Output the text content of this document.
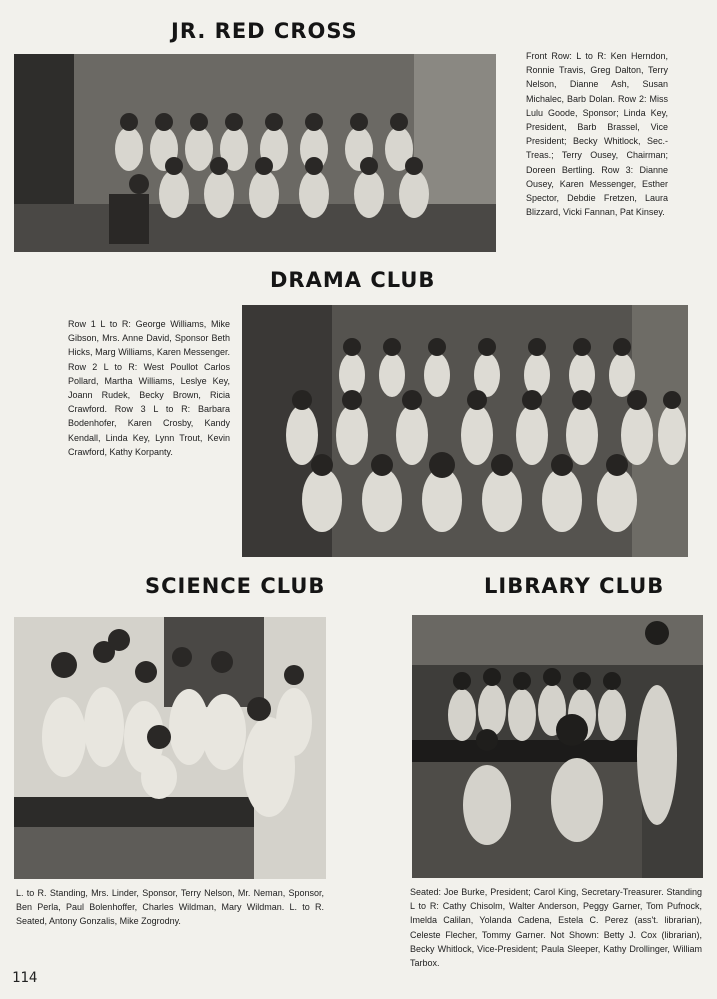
JR. RED CROSS

Front Row: L to R: Ken Herndon, Ronnie Travis, Greg Dalton, Terry Nelson, Dianne Ash, Susan Michalec, Barb Dolan. Row 2: Miss Lulu Goode, Sponsor; Linda Key, President, Barb Brassel, Vice President; Becky Whitlock, Sec.-Treas.; Terry Ousey, Chairman; Doreen Bertling. Row 3: Dianne Ousey, Karen Messenger, Esther Spector, Debdie Fretzen, Laura Blizzard, Vicki Fannan, Pat Kinsey.

DRAMA CLUB

Row 1 L to R: George Williams, Mike Gibson, Mrs. Anne David, Sponsor Beth Hicks, Marg Williams, Karen Messenger. Row 2 L to R: West Poullot Carlos Pollard, Martha Williams, Leslye Key, Joann Rudek, Becky Brown, Ricia Crawford. Row 3 L to R: Barbara Bodenhofer, Karen Crosby, Kandy Kendall, Linda Key, Lynn Trout, Kevin Crawford, Kathy Korpanty.

SCIENCE CLUB

L. to R. Standing, Mrs. Linder, Sponsor, Terry Nelson, Mr. Neman, Sponsor, Ben Perla, Paul Bolenhoffer, Charles Wildman, Mary Wildman. L. to R. Seated, Antony Gonzalis, Mike Zogrodny.

LIBRARY CLUB

Seated: Joe Burke, President; Carol King, Secretary-Treasurer. Standing L to R: Cathy Chisolm, Walter Anderson, Peggy Garner, Tom Pufnock, Imelda Calilan, Yolanda Cadena, Estela C. Perez (ass't. librarian), Celeste Flecher, Tommy Garner. Not Shown: Betty J. Cox (librarian), Becky Whitlock, Vice-President; Paula Sleeper, Kathy Drollinger, William Tarbox.

114
